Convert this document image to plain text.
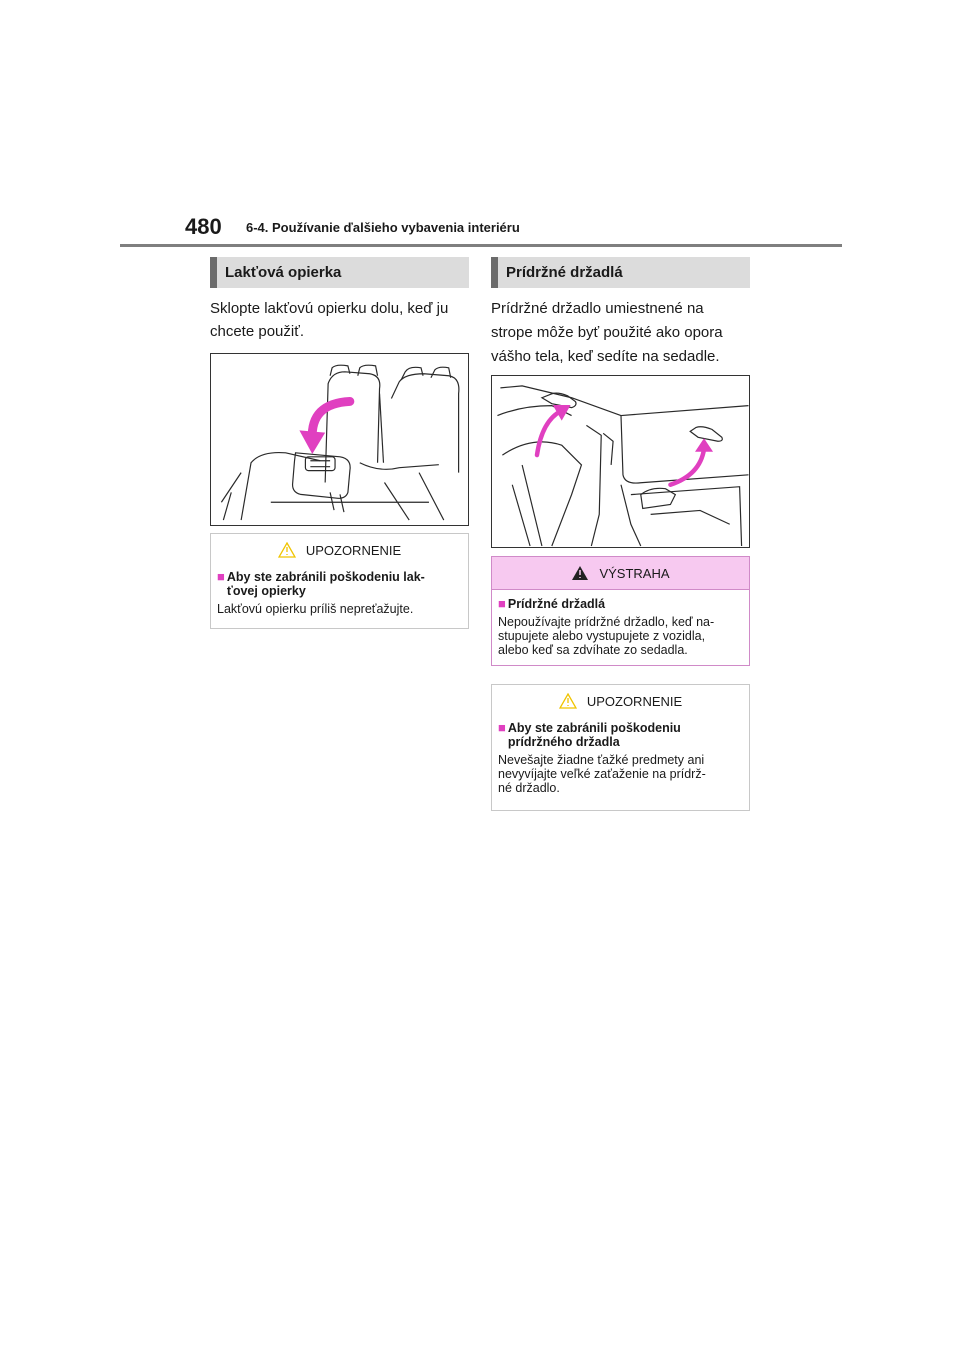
480 6-4. Používanie ďalšieho vybavenia interiéru
Lakťová opierka
Sklopte lakťovú opierku dolu, keď ju
chcete použiť.
UPOZORNENIE
■ Aby ste zabránili poškodeniu lak-
ťovej opierky
Lakťovú opierku príliš nepreťažujte.
Prídržné držadlá
Prídržné držadlo umiestnené na
strope môže byť použité ako opora
vášho tela, keď sedíte na sedadle.
VÝSTRAHA
■ Prídržné držadlá
Nepoužívajte prídržné držadlo, keď na-
stupujete alebo vystupujete z vozidla,
alebo keď sa zdvíhate zo sedadla.
UPOZORNENIE
■ Aby ste zabránili poškodeniu
prídržného držadla
Nevešajte žiadne ťažké predmety ani
nevyvíjajte veľké zaťaženie na prídrž-
né držadlo.
